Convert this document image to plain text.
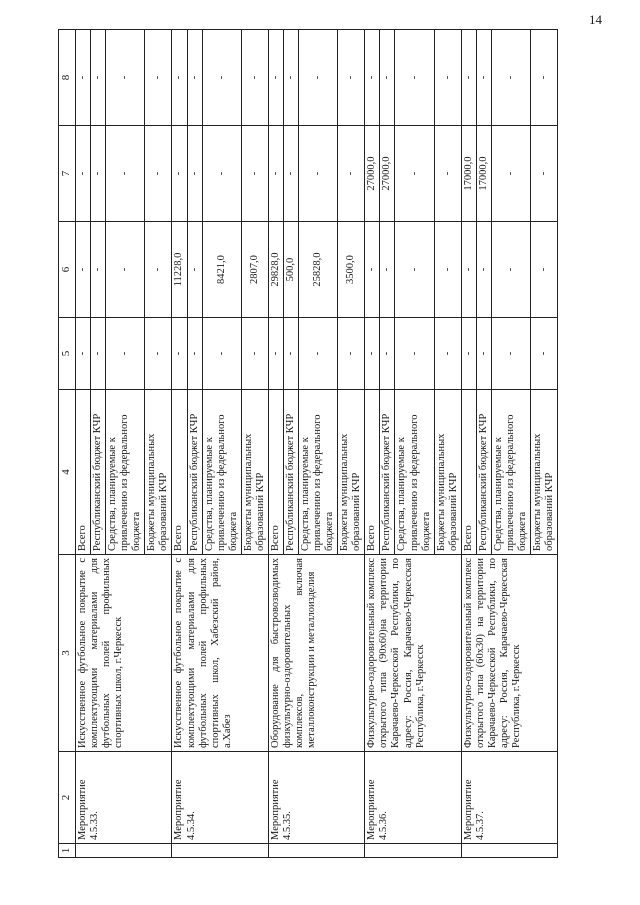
14
1	2	3	4	5	6	7	8
	Мероприятие 4.5.33.	Искусственное футбольное покрытие с комплектующими материалами для футбольных полей профильных спортивных школ, г.Черкесск	Всего	-	-	-	-
			Республиканский бюджет КЧР	-	-	-	-
			Средства, планируемые к привлечению из федерального бюджета	-	-	-	-
			Бюджеты муниципальных образований КЧР	-	-	-	-
	Мероприятие 4.5.34.	Искусственное футбольное покрытие с комплектующими материалами для футбольных полей профильных спортивных школ, Хабезский район, а.Хабез	Всего	-	11228,0	-	-
			Республиканский бюджет КЧР	-	-	-	-
			Средства, планируемые к привлечению из федерального бюджета	-	8421,0	-	-
			Бюджеты муниципальных образований КЧР	-	2807,0	-	-
	Мероприятие 4.5.35.	Оборудование для быстровозводимых физкультурно-оздоровительных комплексов, включая металлоконструкции и металлоизделия	Всего	-	29828,0	-	-
			Республиканский бюджет КЧР	-	500,0	-	-
			Средства, планируемые к привлечению из федерального бюджета	-	25828,0	-	-
			Бюджеты муниципальных образований КЧР	-	3500,0	-	-
	Мероприятие 4.5.36.	Физкультурно-оздоровительный комплекс открытого типа (90x60)на территории Карачаево-Черкесской Республики, по адресу: Россия, Карачаево-Черкесская Республика, г.Черкесск	Всего	-	-	27000,0	-
			Республиканский бюджет КЧР	-	-	27000,0	-
			Средства, планируемые к привлечению из федерального бюджета	-	-	-	-
			Бюджеты муниципальных образований КЧР	-	-	-	-
	Мероприятие 4.5.37.	Физкультурно-оздоровительный комплекс открытого типа (60x30) на территории Карачаево-Черкесской Республики, по адресу: Россия, Карачаево-Черкесская Республика, г.Черкесск	Всего	-	-	17000,0	-
			Республиканский бюджет КЧР	-	-	17000,0	-
			Средства, планируемые к привлечению из федерального бюджета	-	-	-	-
			Бюджеты муниципальных образований КЧР	-	-	-	-
